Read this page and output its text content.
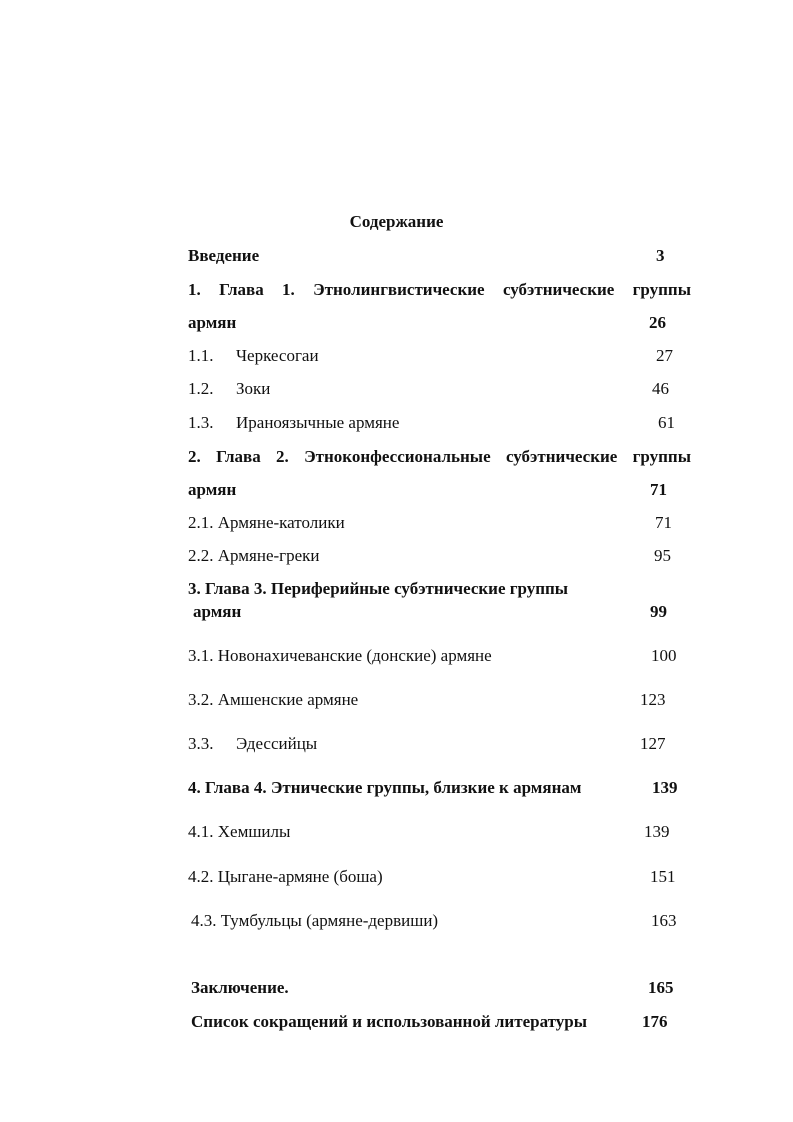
Содержание
Введение	3
1. Глава 1. Этнолингвистические субэтнические группы
армян	26
1.1. Черкесогаи	27
1.2. Зоки	46
1.3. Ираноязычные армяне	61
2. Глава 2. Этноконфессиональные субэтнические группы
армян	71
2.1. Армяне-католики	71
2.2. Армяне-греки	95
3. Глава 3. Периферийные субэтнические группы
армян	99
3.1. Новонахичеванские (донские) армяне	100
3.2. Амшенские армяне	123
3.3. Эдессийцы	127
4. Глава 4. Этнические группы, близкие к армянам	139
4.1. Хемшилы	139
4.2. Цыгане-армяне (боша)	151
4.3. Тумбульцы (армяне-дервиши)	163
Заключение.	165
Список сокращений и использованной литературы	176
